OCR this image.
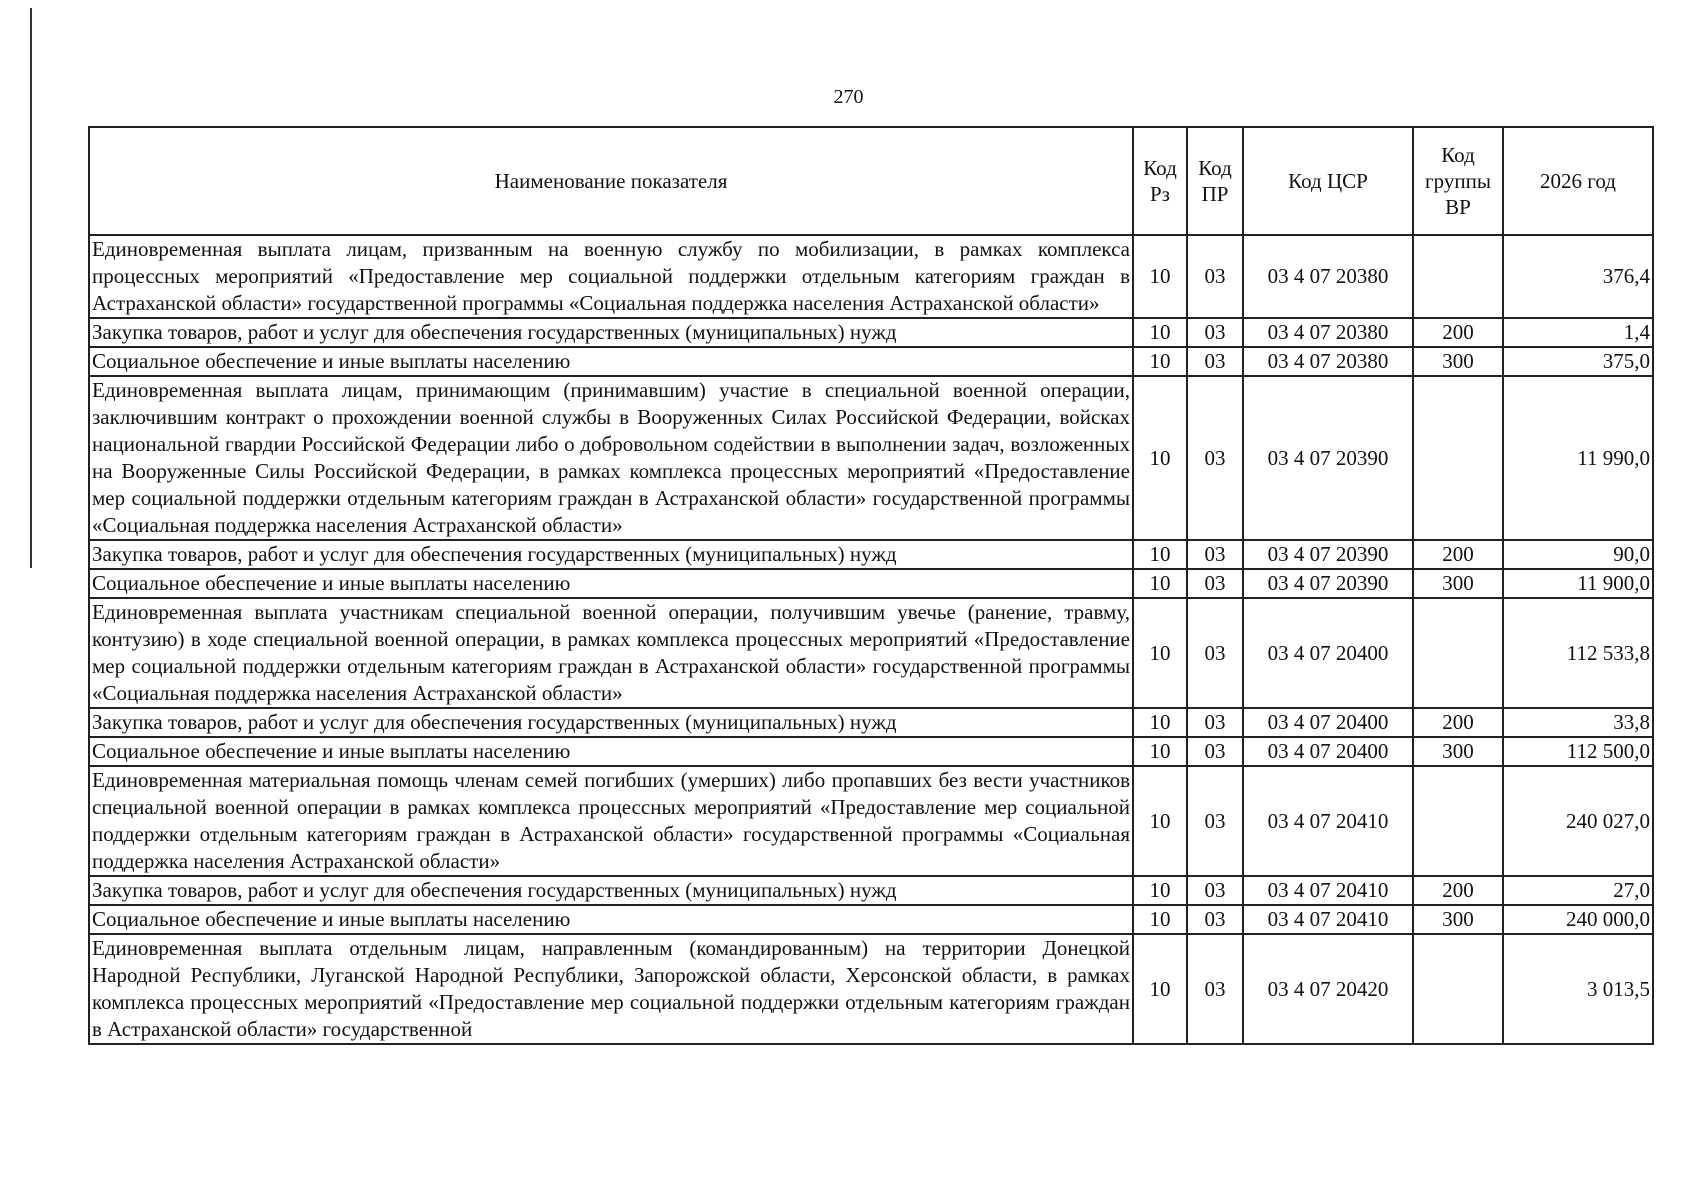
270
Наименование показателя	Код Рз	Код ПР	Код ЦСР	Код группы ВР	2026 год
Единовременная выплата лицам, призванным на военную службу по мобилизации, в рамках комплекса процессных мероприятий «Предоставление мер социальной поддержки отдельным категориям граждан в Астраханской области» государственной программы «Социальная поддержка населения Астраханской области»	10	03	03 4 07 20380		376,4
Закупка товаров, работ и услуг для обеспечения государственных (муниципальных) нужд	10	03	03 4 07 20380	200	1,4
Социальное обеспечение и иные выплаты населению	10	03	03 4 07 20380	300	375,0
Единовременная выплата лицам, принимающим (принимавшим) участие в специальной военной операции, заключившим контракт о прохождении военной службы в Вооруженных Силах Российской Федерации, войсках национальной гвардии Российской Федерации либо о добровольном содействии в выполнении задач, возложенных на Вооруженные Силы Российской Федерации, в рамках комплекса процессных мероприятий «Предоставление мер социальной поддержки отдельным категориям граждан в Астраханской области» государственной программы «Социальная поддержка населения Астраханской области»	10	03	03 4 07 20390		11 990,0
Закупка товаров, работ и услуг для обеспечения государственных (муниципальных) нужд	10	03	03 4 07 20390	200	90,0
Социальное обеспечение и иные выплаты населению	10	03	03 4 07 20390	300	11 900,0
Единовременная выплата участникам специальной военной операции, получившим увечье (ранение, травму, контузию) в ходе специальной военной операции, в рамках комплекса процессных мероприятий «Предоставление мер социальной поддержки отдельным категориям граждан в Астраханской области» государственной программы «Социальная поддержка населения Астраханской области»	10	03	03 4 07 20400		112 533,8
Закупка товаров, работ и услуг для обеспечения государственных (муниципальных) нужд	10	03	03 4 07 20400	200	33,8
Социальное обеспечение и иные выплаты населению	10	03	03 4 07 20400	300	112 500,0
Единовременная материальная помощь членам семей погибших (умерших) либо пропавших без вести участников специальной военной операции в рамках комплекса процессных мероприятий «Предоставление мер социальной поддержки отдельным категориям граждан в Астраханской области» государственной программы «Социальная поддержка населения Астраханской области»	10	03	03 4 07 20410		240 027,0
Закупка товаров, работ и услуг для обеспечения государственных (муниципальных) нужд	10	03	03 4 07 20410	200	27,0
Социальное обеспечение и иные выплаты населению	10	03	03 4 07 20410	300	240 000,0
Единовременная выплата отдельным лицам, направленным (командированным) на территории Донецкой Народной Республики, Луганской Народной Республики, Запорожской области, Херсонской области, в рамках комплекса процессных мероприятий «Предоставление мер социальной поддержки отдельным категориям граждан в Астраханской области» государственной	10	03	03 4 07 20420		3 013,5
